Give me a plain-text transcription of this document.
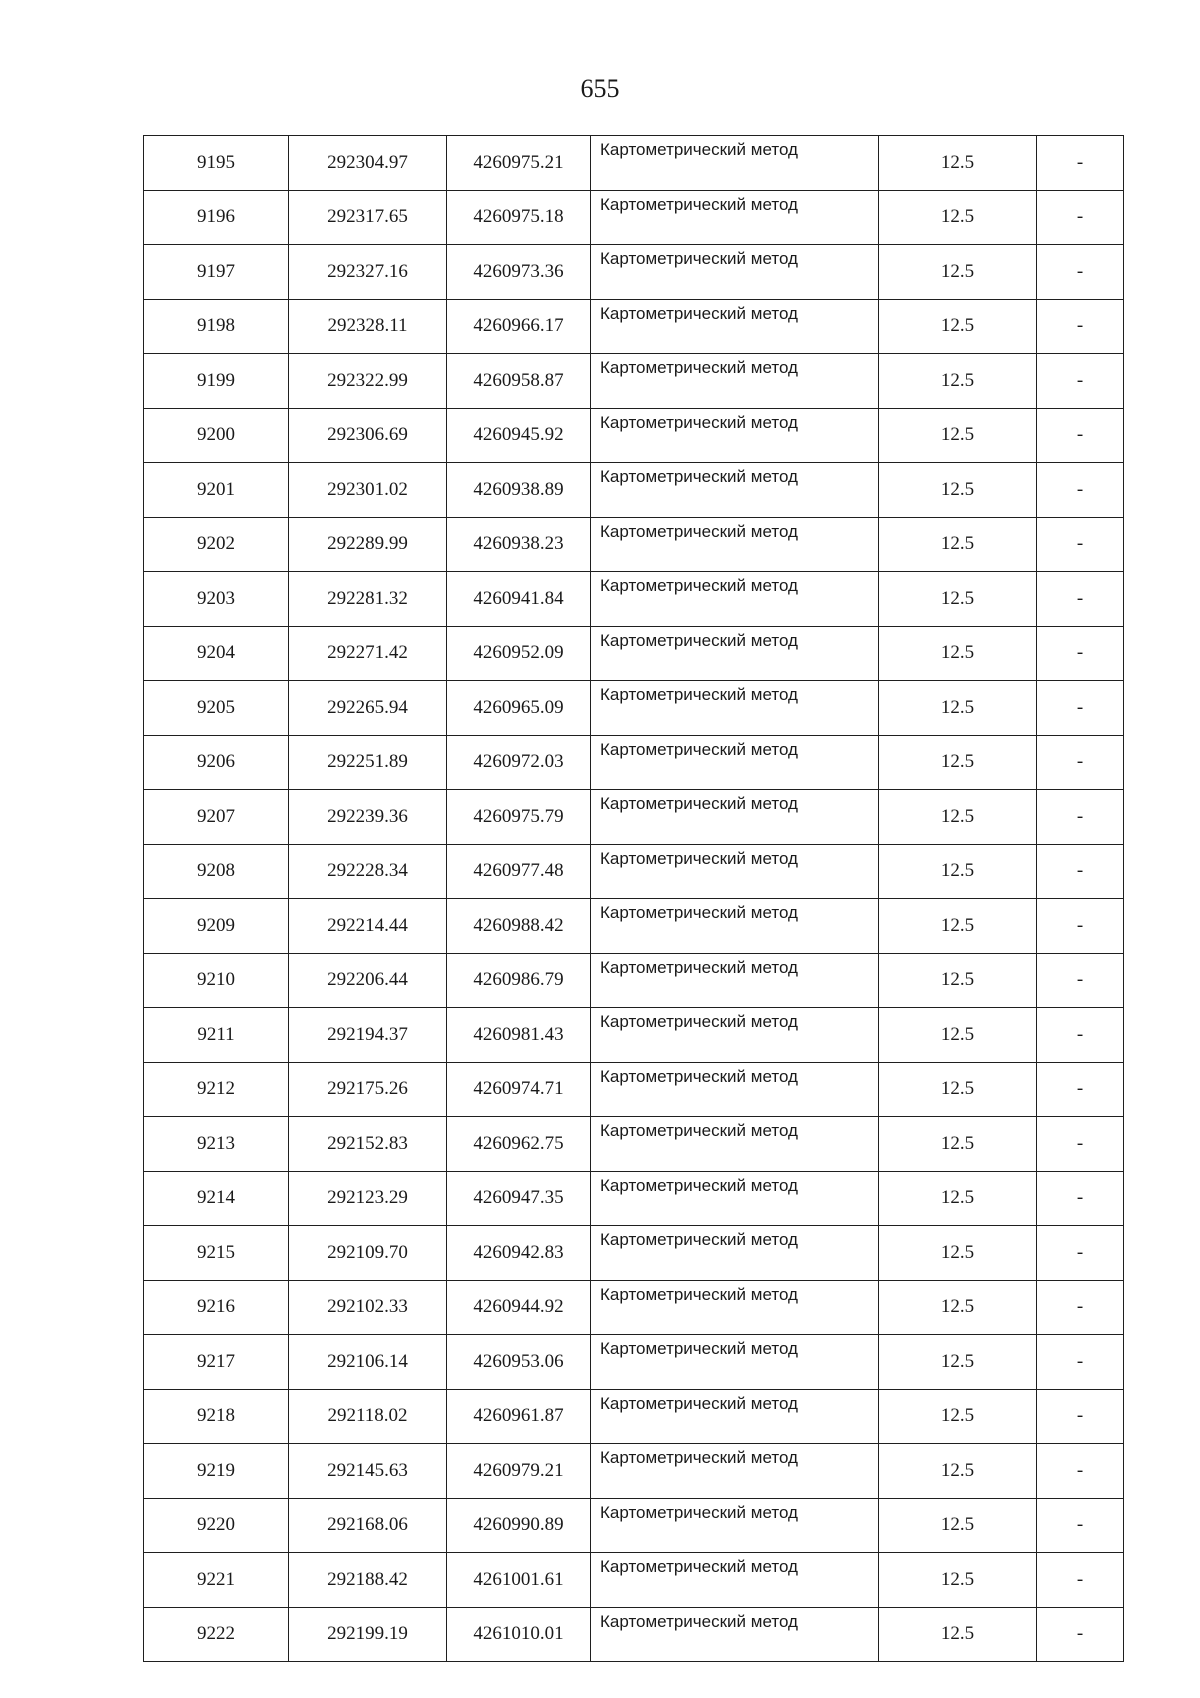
655
9195	292304.97	4260975.21	Картометрический метод	12.5	-
9196	292317.65	4260975.18	Картометрический метод	12.5	-
9197	292327.16	4260973.36	Картометрический метод	12.5	-
9198	292328.11	4260966.17	Картометрический метод	12.5	-
9199	292322.99	4260958.87	Картометрический метод	12.5	-
9200	292306.69	4260945.92	Картометрический метод	12.5	-
9201	292301.02	4260938.89	Картометрический метод	12.5	-
9202	292289.99	4260938.23	Картометрический метод	12.5	-
9203	292281.32	4260941.84	Картометрический метод	12.5	-
9204	292271.42	4260952.09	Картометрический метод	12.5	-
9205	292265.94	4260965.09	Картометрический метод	12.5	-
9206	292251.89	4260972.03	Картометрический метод	12.5	-
9207	292239.36	4260975.79	Картометрический метод	12.5	-
9208	292228.34	4260977.48	Картометрический метод	12.5	-
9209	292214.44	4260988.42	Картометрический метод	12.5	-
9210	292206.44	4260986.79	Картометрический метод	12.5	-
9211	292194.37	4260981.43	Картометрический метод	12.5	-
9212	292175.26	4260974.71	Картометрический метод	12.5	-
9213	292152.83	4260962.75	Картометрический метод	12.5	-
9214	292123.29	4260947.35	Картометрический метод	12.5	-
9215	292109.70	4260942.83	Картометрический метод	12.5	-
9216	292102.33	4260944.92	Картометрический метод	12.5	-
9217	292106.14	4260953.06	Картометрический метод	12.5	-
9218	292118.02	4260961.87	Картометрический метод	12.5	-
9219	292145.63	4260979.21	Картометрический метод	12.5	-
9220	292168.06	4260990.89	Картометрический метод	12.5	-
9221	292188.42	4261001.61	Картометрический метод	12.5	-
9222	292199.19	4261010.01	Картометрический метод	12.5	-
